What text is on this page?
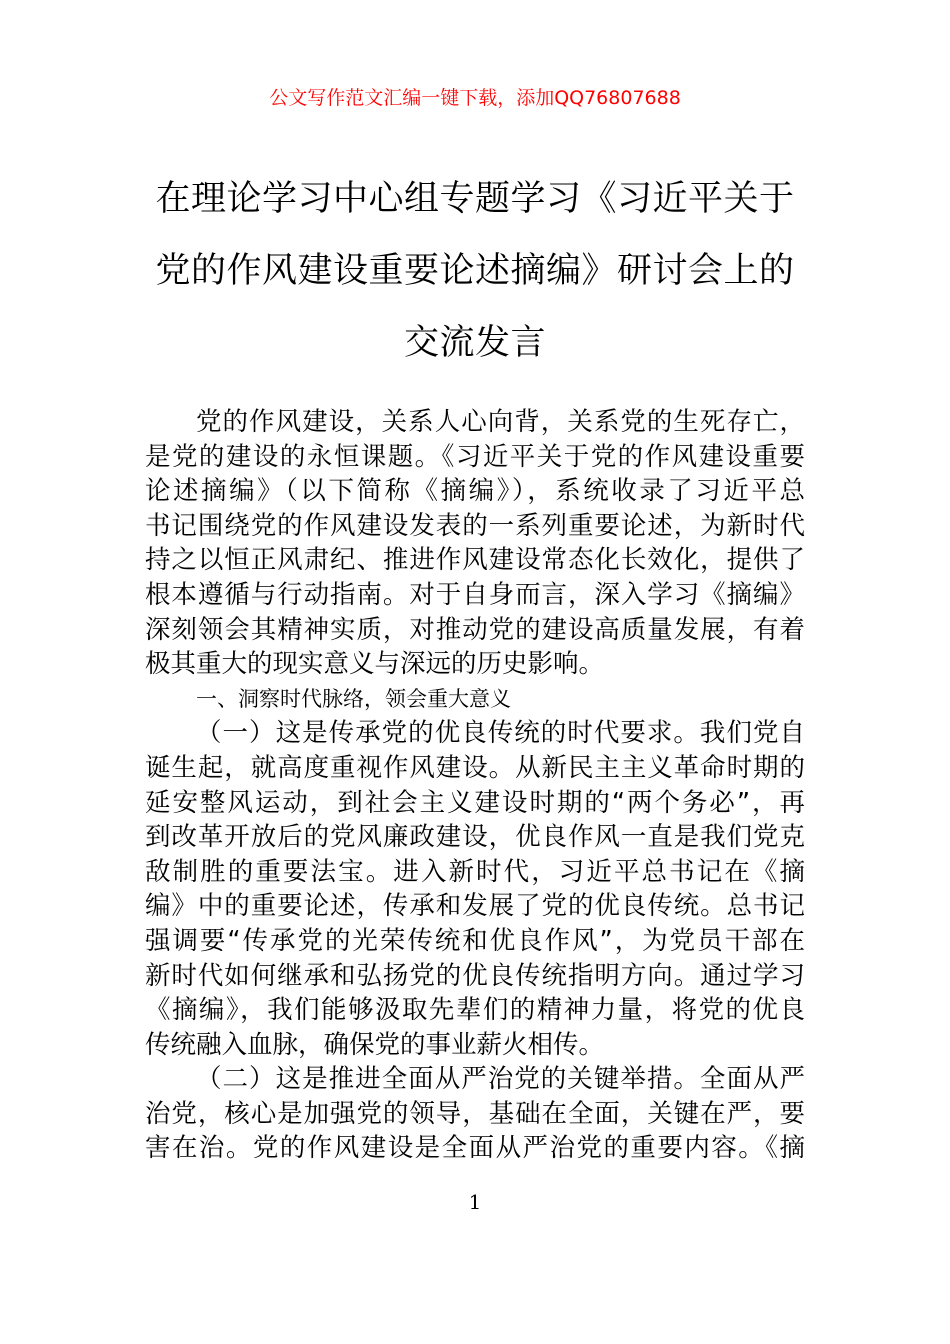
公文写作范文汇编一键下载，添加QQ76807688
在理论学习中心组专题学习《习近平关于
党的作风建设重要论述摘编》研讨会上的
交流发言
党的作风建设，关系人心向背，关系党的生死存亡，
是党的建设的永恒课题。《习近平关于党的作风建设重要
论述摘编》（以下简称《摘编》），系统收录了习近平总
书记围绕党的作风建设发表的一系列重要论述，为新时代
持之以恒正风肃纪、推进作风建设常态化长效化，提供了
根本遵循与行动指南。对于自身而言，深入学习《摘编》
深刻领会其精神实质，对推动党的建设高质量发展，有着
极其重大的现实意义与深远的历史影响。
一、洞察时代脉络，领会重大意义
（一）这是传承党的优良传统的时代要求。我们党自
诞生起，就高度重视作风建设。从新民主主义革命时期的
延安整风运动，到社会主义建设时期的“两个务必”，再
到改革开放后的党风廉政建设，优良作风一直是我们党克
敌制胜的重要法宝。进入新时代，习近平总书记在《摘
编》中的重要论述，传承和发展了党的优良传统。总书记
强调要“传承党的光荣传统和优良作风”，为党员干部在
新时代如何继承和弘扬党的优良传统指明方向。通过学习
《摘编》，我们能够汲取先辈们的精神力量，将党的优良
传统融入血脉，确保党的事业薪火相传。
（二）这是推进全面从严治党的关键举措。全面从严
治党，核心是加强党的领导，基础在全面，关键在严，要
害在治。党的作风建设是全面从严治党的重要内容。《摘
1
